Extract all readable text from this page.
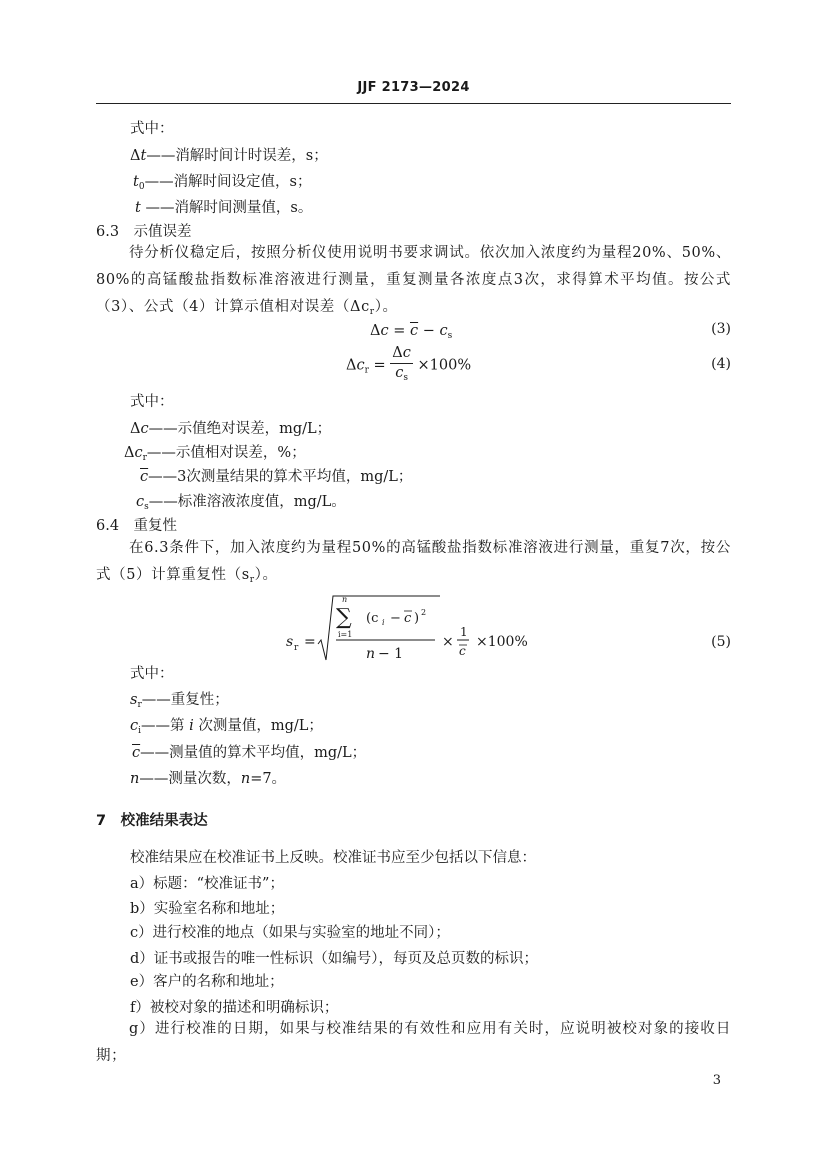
JJF 2173—2024
式中：
Δt——消解时间计时误差，s；
$t_0——$消解时间设定值，s；
t ——消解时间测量值，s。
6.3　示值误差
待分析仪稳定后，按照分析仪使用说明书要求调试。依次加入浓度约为量程20%、50%、80%的高锰酸盐指数标准溶液进行测量，重复测量各浓度点3次，求得算术平均值。按公式（3）、公式（4）计算示值相对误差$(\Delta c_r)$。
$\Delta c = \overline{c} - c_s$	(3)
$\Delta c_r = \frac{\Delta c}{c_s} \times 100\%$	(4)
式中：
Δc——示值绝对误差，mg/L；
$\Delta c_r——$示值相对误差，%；
$\overline{c}——3$次测量结果的算术平均值，mg/L；
$c_s——$标准溶液浓度值，mg/L。
6.4　重复性
在6.3条件下，加入浓度约为量程50%的高锰酸盐指数标准溶液进行测量，重复7次，按公式（5）计算重复性$(s_r)$。
s r =
n
∑
i=1
(c i − c ) 2
n − 1
×
1
c
×100%	(5)
式中：
$s_r——$重复性；
$c_i——$第 i 次测量值，mg/L；
$\overline{c}——$测量值的算术平均值，mg/L；
n——测量次数，n=7。
7　校准结果表达
校准结果应在校准证书上反映。校准证书应至少包括以下信息：
a）标题：“校准证书”；
b）实验室名称和地址；
c）进行校准的地点（如果与实验室的地址不同）；
d）证书或报告的唯一性标识（如编号），每页及总页数的标识；
e）客户的名称和地址；
f）被校对象的描述和明确标识；
g）进行校准的日期，如果与校准结果的有效性和应用有关时，应说明被校对象的接收日期；
3
